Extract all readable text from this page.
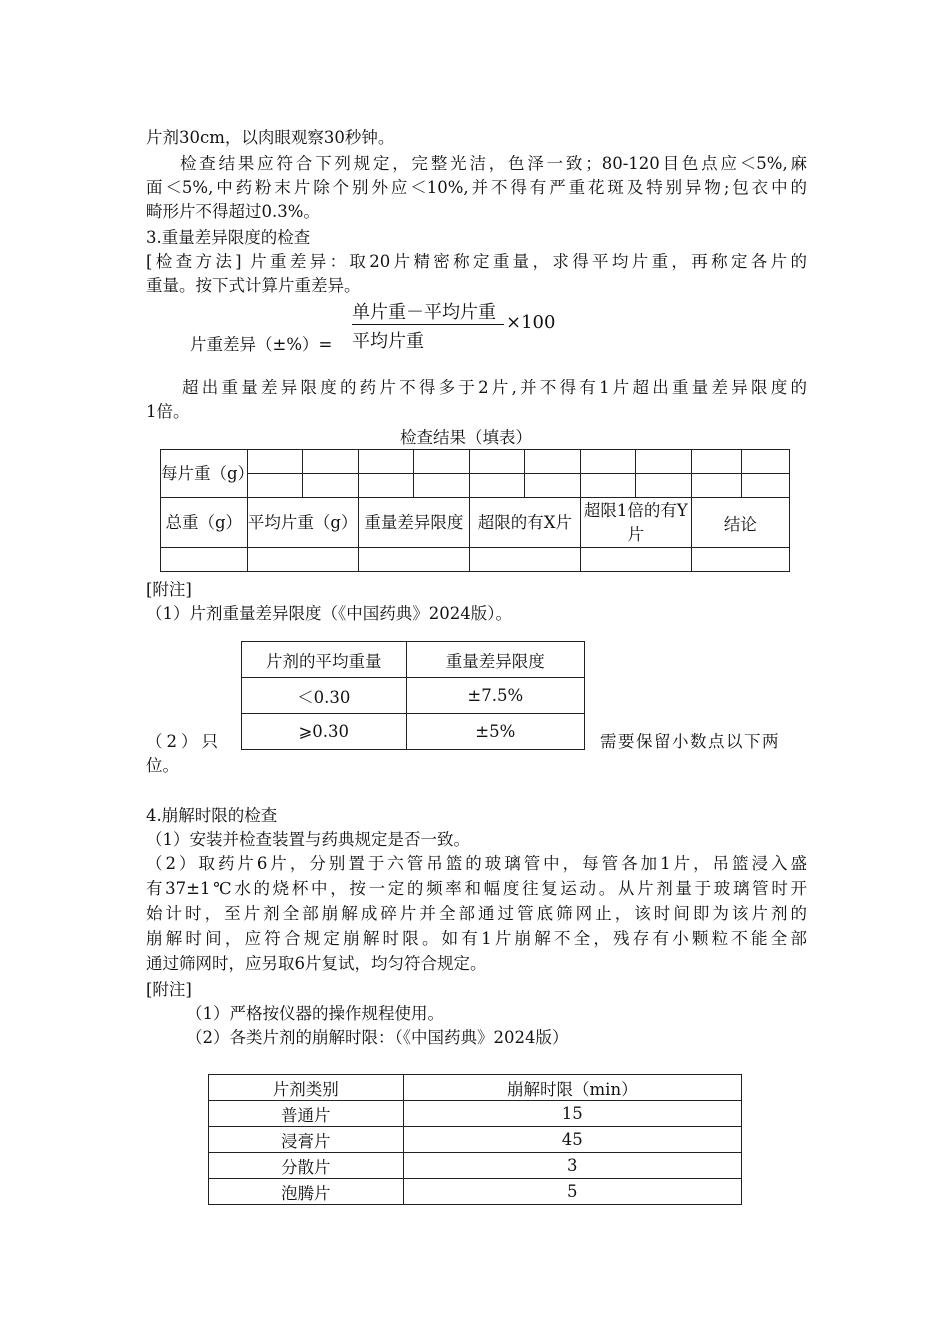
片剂30cm，以肉眼观察30秒钟。
检查结果应符合下列规定，完整光洁，色泽一致；80-120目色点应＜5%,麻
面＜5%,中药粉末片除个别外应＜10%,并不得有严重花斑及特别异物;包衣中的
畸形片不得超过0.3%。
3.重量差异限度的检查
[检查方法] 片重差异：取20片精密称定重量，求得平均片重，再称定各片的
重量。按下式计算片重差异。
片重差异（±%）=
单片重－平均片重
平均片重
×100
超出重量差异限度的药片不得多于2片,并不得有1片超出重量差异限度的
1倍。
检查结果（填表）
每片重（g）										

总重（g）	平均片重（g）		重量差异限度		超限的有X片		超限1倍的有Y片		结论	

[附注]
（1）片剂重量差异限度（《中国药典》2024版）。
片剂的平均重量	重量差异限度
＜0.30	±7.5%
⩾0.30	±5%
（2）只	需要保留小数点以下两
位。
4.崩解时限的检查
（1）安装并检查装置与药典规定是否一致。
（2）取药片6片，分别置于六管吊篮的玻璃管中，每管各加1片，吊篮浸入盛
有37±1℃水的烧杯中，按一定的频率和幅度往复运动。从片剂量于玻璃管时开
始计时，至片剂全部崩解成碎片并全部通过管底筛网止，该时间即为该片剂的
崩解时间，应符合规定崩解时限。如有1片崩解不全，残存有小颗粒不能全部
通过筛网时，应另取6片复试，均匀符合规定。
[附注]
（1）严格按仪器的操作规程使用。
（2）各类片剂的崩解时限：（《中国药典》2024版）
片剂类别	崩解时限（min）
普通片	15
浸膏片	45
分散片	3
泡腾片	5
